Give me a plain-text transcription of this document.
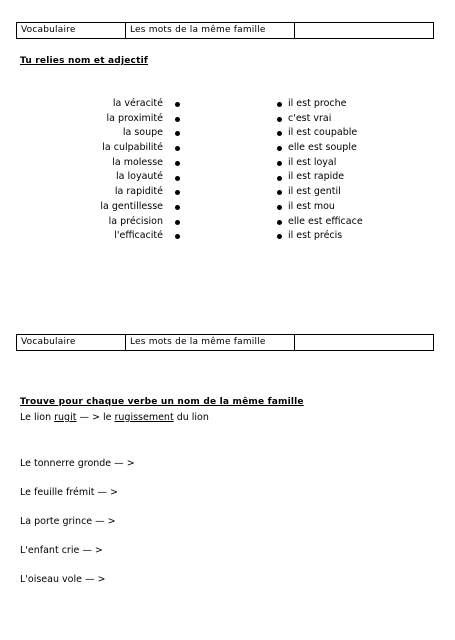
Vocabulaire	Les mots de la même famille	
Tu relies nom et adjectif
la véracité
la proximité
la soupe
la culpabilité
la molesse
la loyauté
la rapidité
la gentillesse
la précision
l'efficacité
il est proche
c'est vrai
il est coupable
elle est souple
il est loyal
il est rapide
il est gentil
il est mou
elle est efficace
il est précis
Vocabulaire	Les mots de la même famille	
Trouve pour chaque verbe un nom de la même famille
Le lion rugit — > le rugissement du lion
Le tonnerre gronde — >
Le feuille frémit — >
La porte grince — >
L'enfant crie — >
L'oiseau vole — >
